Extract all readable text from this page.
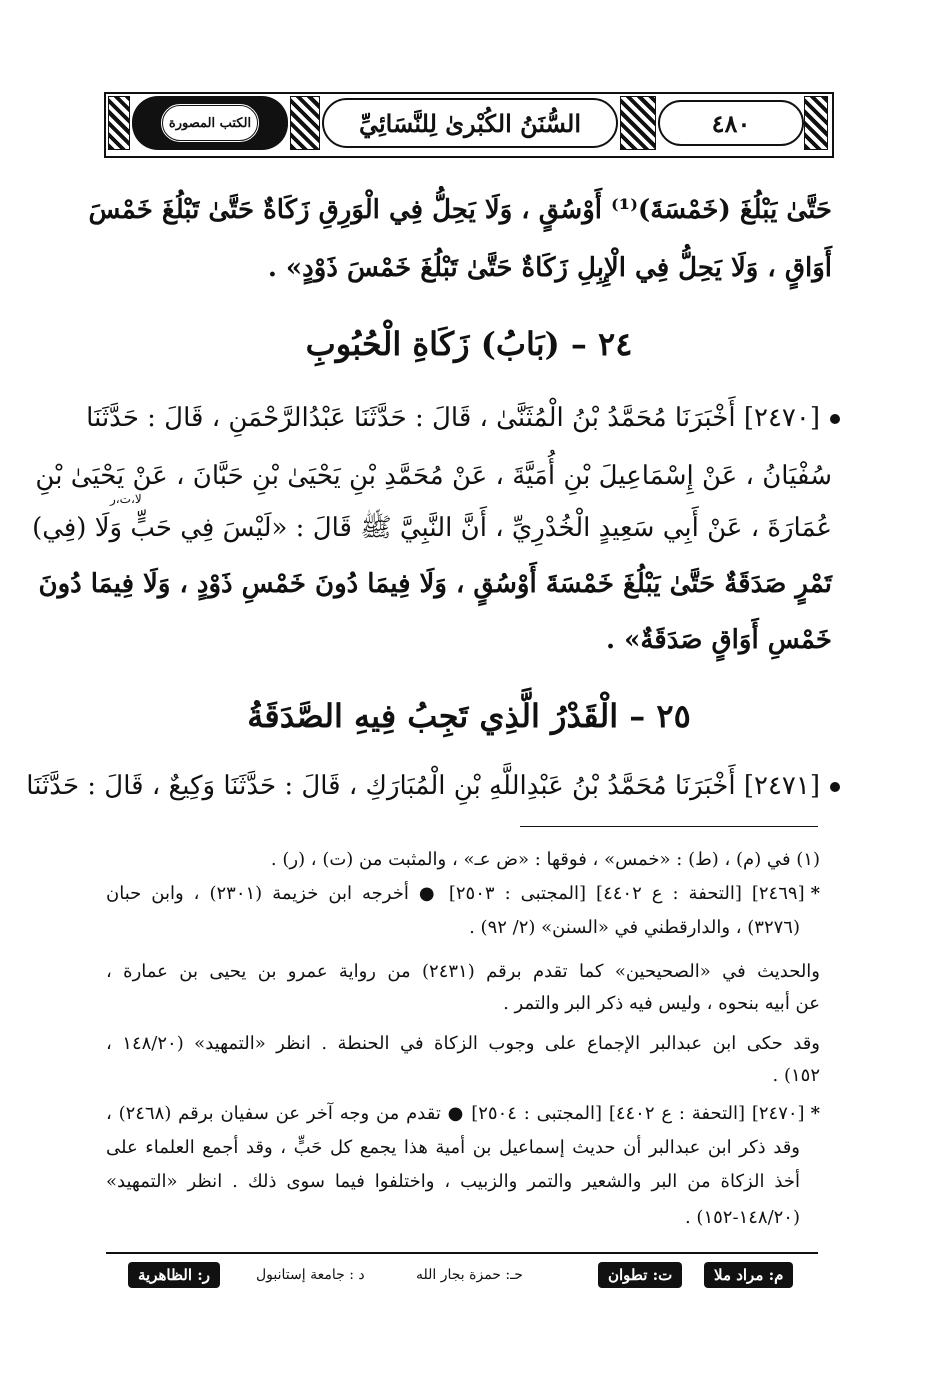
الكتب المصورة	السُّنَنُ الكُبْرىٰ لِلنَّسَائِيِّ	٤٨٠
حَتَّىٰ يَبْلُغَ (خَمْسَةَ)⁽¹⁾ أَوْسُقٍ ، وَلَا يَحِلُّ فِي الْوَرِقِ زَكَاةٌ حَتَّىٰ تَبْلُغَ خَمْسَ
أَوَاقٍ ، وَلَا يَحِلُّ فِي الْإِبِلِ زَكَاةٌ حَتَّىٰ تَبْلُغَ خَمْسَ ذَوْدٍ» .
٢٤ – (بَابُ) زَكَاةِ الْحُبُوبِ
[٢٤٧٠] أَخْبَرَنَا مُحَمَّدُ بْنُ الْمُثَنَّىٰ ، قَالَ : حَدَّثَنَا عَبْدُالرَّحْمَنِ ، قَالَ : حَدَّثَنَا
سُفْيَانُ ، عَنْ إِسْمَاعِيلَ بْنِ أُمَيَّةَ ، عَنْ مُحَمَّدِ بْنِ يَحْيَىٰ بْنِ حَبَّانَ ، عَنْ يَحْيَىٰ بْنِ
لا،ت،ر
عُمَارَةَ ، عَنْ أَبِي سَعِيدٍ الْخُدْرِيِّ ، أَنَّ النَّبِيَّ ﷺ قَالَ : «لَيْسَ فِي حَبٍّ وَلَا (فِي)
تَمْرٍ صَدَقَةٌ حَتَّىٰ يَبْلُغَ خَمْسَةَ أَوْسُقٍ ، وَلَا فِيمَا دُونَ خَمْسِ ذَوْدٍ ، وَلَا فِيمَا دُونَ
خَمْسِ أَوَاقٍ صَدَقَةٌ» .
٢٥ – الْقَدْرُ الَّذِي تَجِبُ فِيهِ الصَّدَقَةُ
[٢٤٧١] أَخْبَرَنَا مُحَمَّدُ بْنُ عَبْدِاللَّهِ بْنِ الْمُبَارَكِ ، قَالَ : حَدَّثَنَا وَكِيعٌ ، قَالَ : حَدَّثَنَا
(١) في (م) ، (ط) : «خمس» ، فوقها : «ض عـ» ، والمثبت من (ت) ، (ر) .
*[٢٤٦٩] [التحفة : ع ٤٤٠٢] [المجتبى : ٢٥٠٣] ● أخرجه ابن خزيمة (٢٣٠١) ، وابن حبان
(٣٢٧٦) ، والدارقطني في «السنن» (٢/ ٩٢) .
والحديث في «الصحيحين» كما تقدم برقم (٢٤٣١) من رواية عمرو بن يحيى بن عمارة ،
عن أبيه بنحوه ، وليس فيه ذكر البر والتمر .
وقد حكى ابن عبدالبر الإجماع على وجوب الزكاة في الحنطة . انظر «التمهيد» (١٤٨/٢٠ ،
١٥٢) .
*[٢٤٧٠] [التحفة : ع ٤٤٠٢] [المجتبى : ٢٥٠٤] ● تقدم من وجه آخر عن سفيان برقم (٢٤٦٨) ،
وقد ذكر ابن عبدالبر أن حديث إسماعيل بن أمية هذا يجمع كل حَبٍّ ، وقد أجمع العلماء على
أخذ الزكاة من البر والشعير والتمر والزبيب ، واختلفوا فيما سوى ذلك . انظر «التمهيد»
(١٤٨/٢٠-١٥٢) .
م: مراد ملا
ت: تطوان
حـ: حمزة بجار الله
د : جامعة إستانبول
ر: الظاهرية
